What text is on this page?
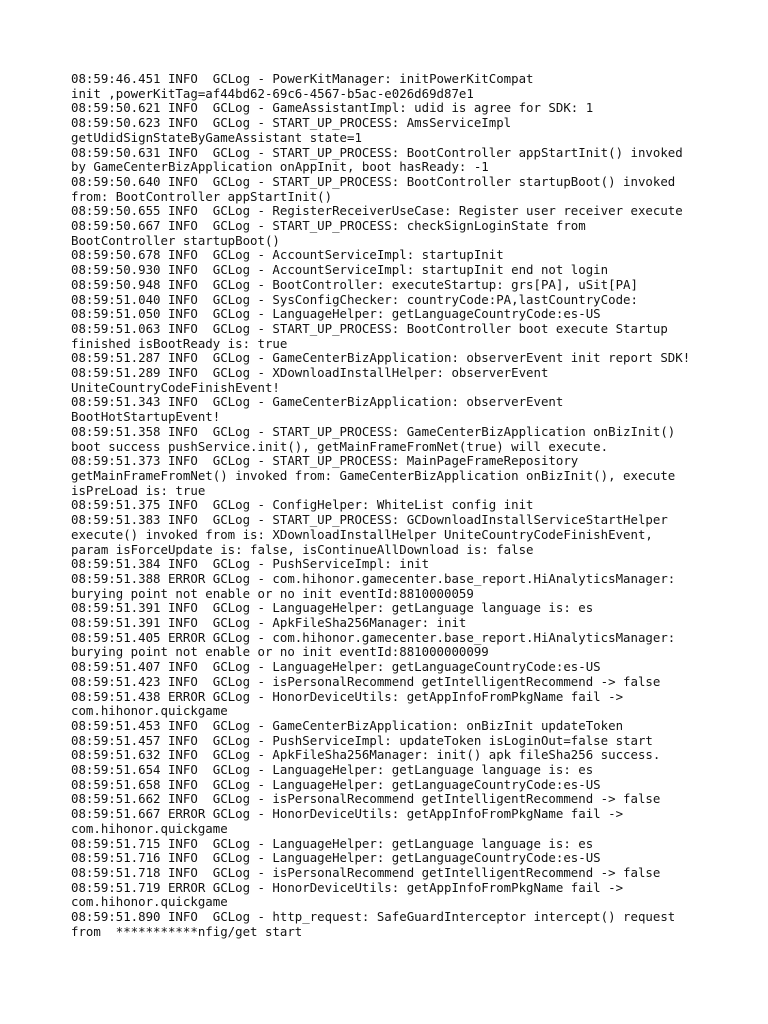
08:59:46.451 INFO  GCLog - PowerKitManager: initPowerKitCompat
init ,powerKitTag=af44bd62-69c6-4567-b5ac-e026d69d87e1
08:59:50.621 INFO  GCLog - GameAssistantImpl: udid is agree for SDK: 1
08:59:50.623 INFO  GCLog - START_UP_PROCESS: AmsServiceImpl
getUdidSignStateByGameAssistant state=1
08:59:50.631 INFO  GCLog - START_UP_PROCESS: BootController appStartInit() invoked
by GameCenterBizApplication onAppInit, boot hasReady: -1
08:59:50.640 INFO  GCLog - START_UP_PROCESS: BootController startupBoot() invoked
from: BootController appStartInit()
08:59:50.655 INFO  GCLog - RegisterReceiverUseCase: Register user receiver execute
08:59:50.667 INFO  GCLog - START_UP_PROCESS: checkSignLoginState from
BootController startupBoot()
08:59:50.678 INFO  GCLog - AccountServiceImpl: startupInit
08:59:50.930 INFO  GCLog - AccountServiceImpl: startupInit end not login
08:59:50.948 INFO  GCLog - BootController: executeStartup: grs[PA], uSit[PA]
08:59:51.040 INFO  GCLog - SysConfigChecker: countryCode:PA,lastCountryCode:
08:59:51.050 INFO  GCLog - LanguageHelper: getLanguageCountryCode:es-US
08:59:51.063 INFO  GCLog - START_UP_PROCESS: BootController boot execute Startup
finished isBootReady is: true
08:59:51.287 INFO  GCLog - GameCenterBizApplication: observerEvent init report SDK!
08:59:51.289 INFO  GCLog - XDownloadInstallHelper: observerEvent
UniteCountryCodeFinishEvent!
08:59:51.343 INFO  GCLog - GameCenterBizApplication: observerEvent
BootHotStartupEvent!
08:59:51.358 INFO  GCLog - START_UP_PROCESS: GameCenterBizApplication onBizInit()
boot success pushService.init(), getMainFrameFromNet(true) will execute.
08:59:51.373 INFO  GCLog - START_UP_PROCESS: MainPageFrameRepository
getMainFrameFromNet() invoked from: GameCenterBizApplication onBizInit(), execute
isPreLoad is: true
08:59:51.375 INFO  GCLog - ConfigHelper: WhiteList config init
08:59:51.383 INFO  GCLog - START_UP_PROCESS: GCDownloadInstallServiceStartHelper
execute() invoked from is: XDownloadInstallHelper UniteCountryCodeFinishEvent,
param isForceUpdate is: false, isContinueAllDownload is: false
08:59:51.384 INFO  GCLog - PushServiceImpl: init
08:59:51.388 ERROR GCLog - com.hihonor.gamecenter.base_report.HiAnalyticsManager:
burying point not enable or no init eventId:8810000059
08:59:51.391 INFO  GCLog - LanguageHelper: getLanguage language is: es
08:59:51.391 INFO  GCLog - ApkFileSha256Manager: init
08:59:51.405 ERROR GCLog - com.hihonor.gamecenter.base_report.HiAnalyticsManager:
burying point not enable or no init eventId:881000000099
08:59:51.407 INFO  GCLog - LanguageHelper: getLanguageCountryCode:es-US
08:59:51.423 INFO  GCLog - isPersonalRecommend getIntelligentRecommend -> false
08:59:51.438 ERROR GCLog - HonorDeviceUtils: getAppInfoFromPkgName fail ->
com.hihonor.quickgame
08:59:51.453 INFO  GCLog - GameCenterBizApplication: onBizInit updateToken
08:59:51.457 INFO  GCLog - PushServiceImpl: updateToken isLoginOut=false start
08:59:51.632 INFO  GCLog - ApkFileSha256Manager: init() apk fileSha256 success.
08:59:51.654 INFO  GCLog - LanguageHelper: getLanguage language is: es
08:59:51.658 INFO  GCLog - LanguageHelper: getLanguageCountryCode:es-US
08:59:51.662 INFO  GCLog - isPersonalRecommend getIntelligentRecommend -> false
08:59:51.667 ERROR GCLog - HonorDeviceUtils: getAppInfoFromPkgName fail ->
com.hihonor.quickgame
08:59:51.715 INFO  GCLog - LanguageHelper: getLanguage language is: es
08:59:51.716 INFO  GCLog - LanguageHelper: getLanguageCountryCode:es-US
08:59:51.718 INFO  GCLog - isPersonalRecommend getIntelligentRecommend -> false
08:59:51.719 ERROR GCLog - HonorDeviceUtils: getAppInfoFromPkgName fail ->
com.hihonor.quickgame
08:59:51.890 INFO  GCLog - http_request: SafeGuardInterceptor intercept() request
from  ***********nfig/get start
